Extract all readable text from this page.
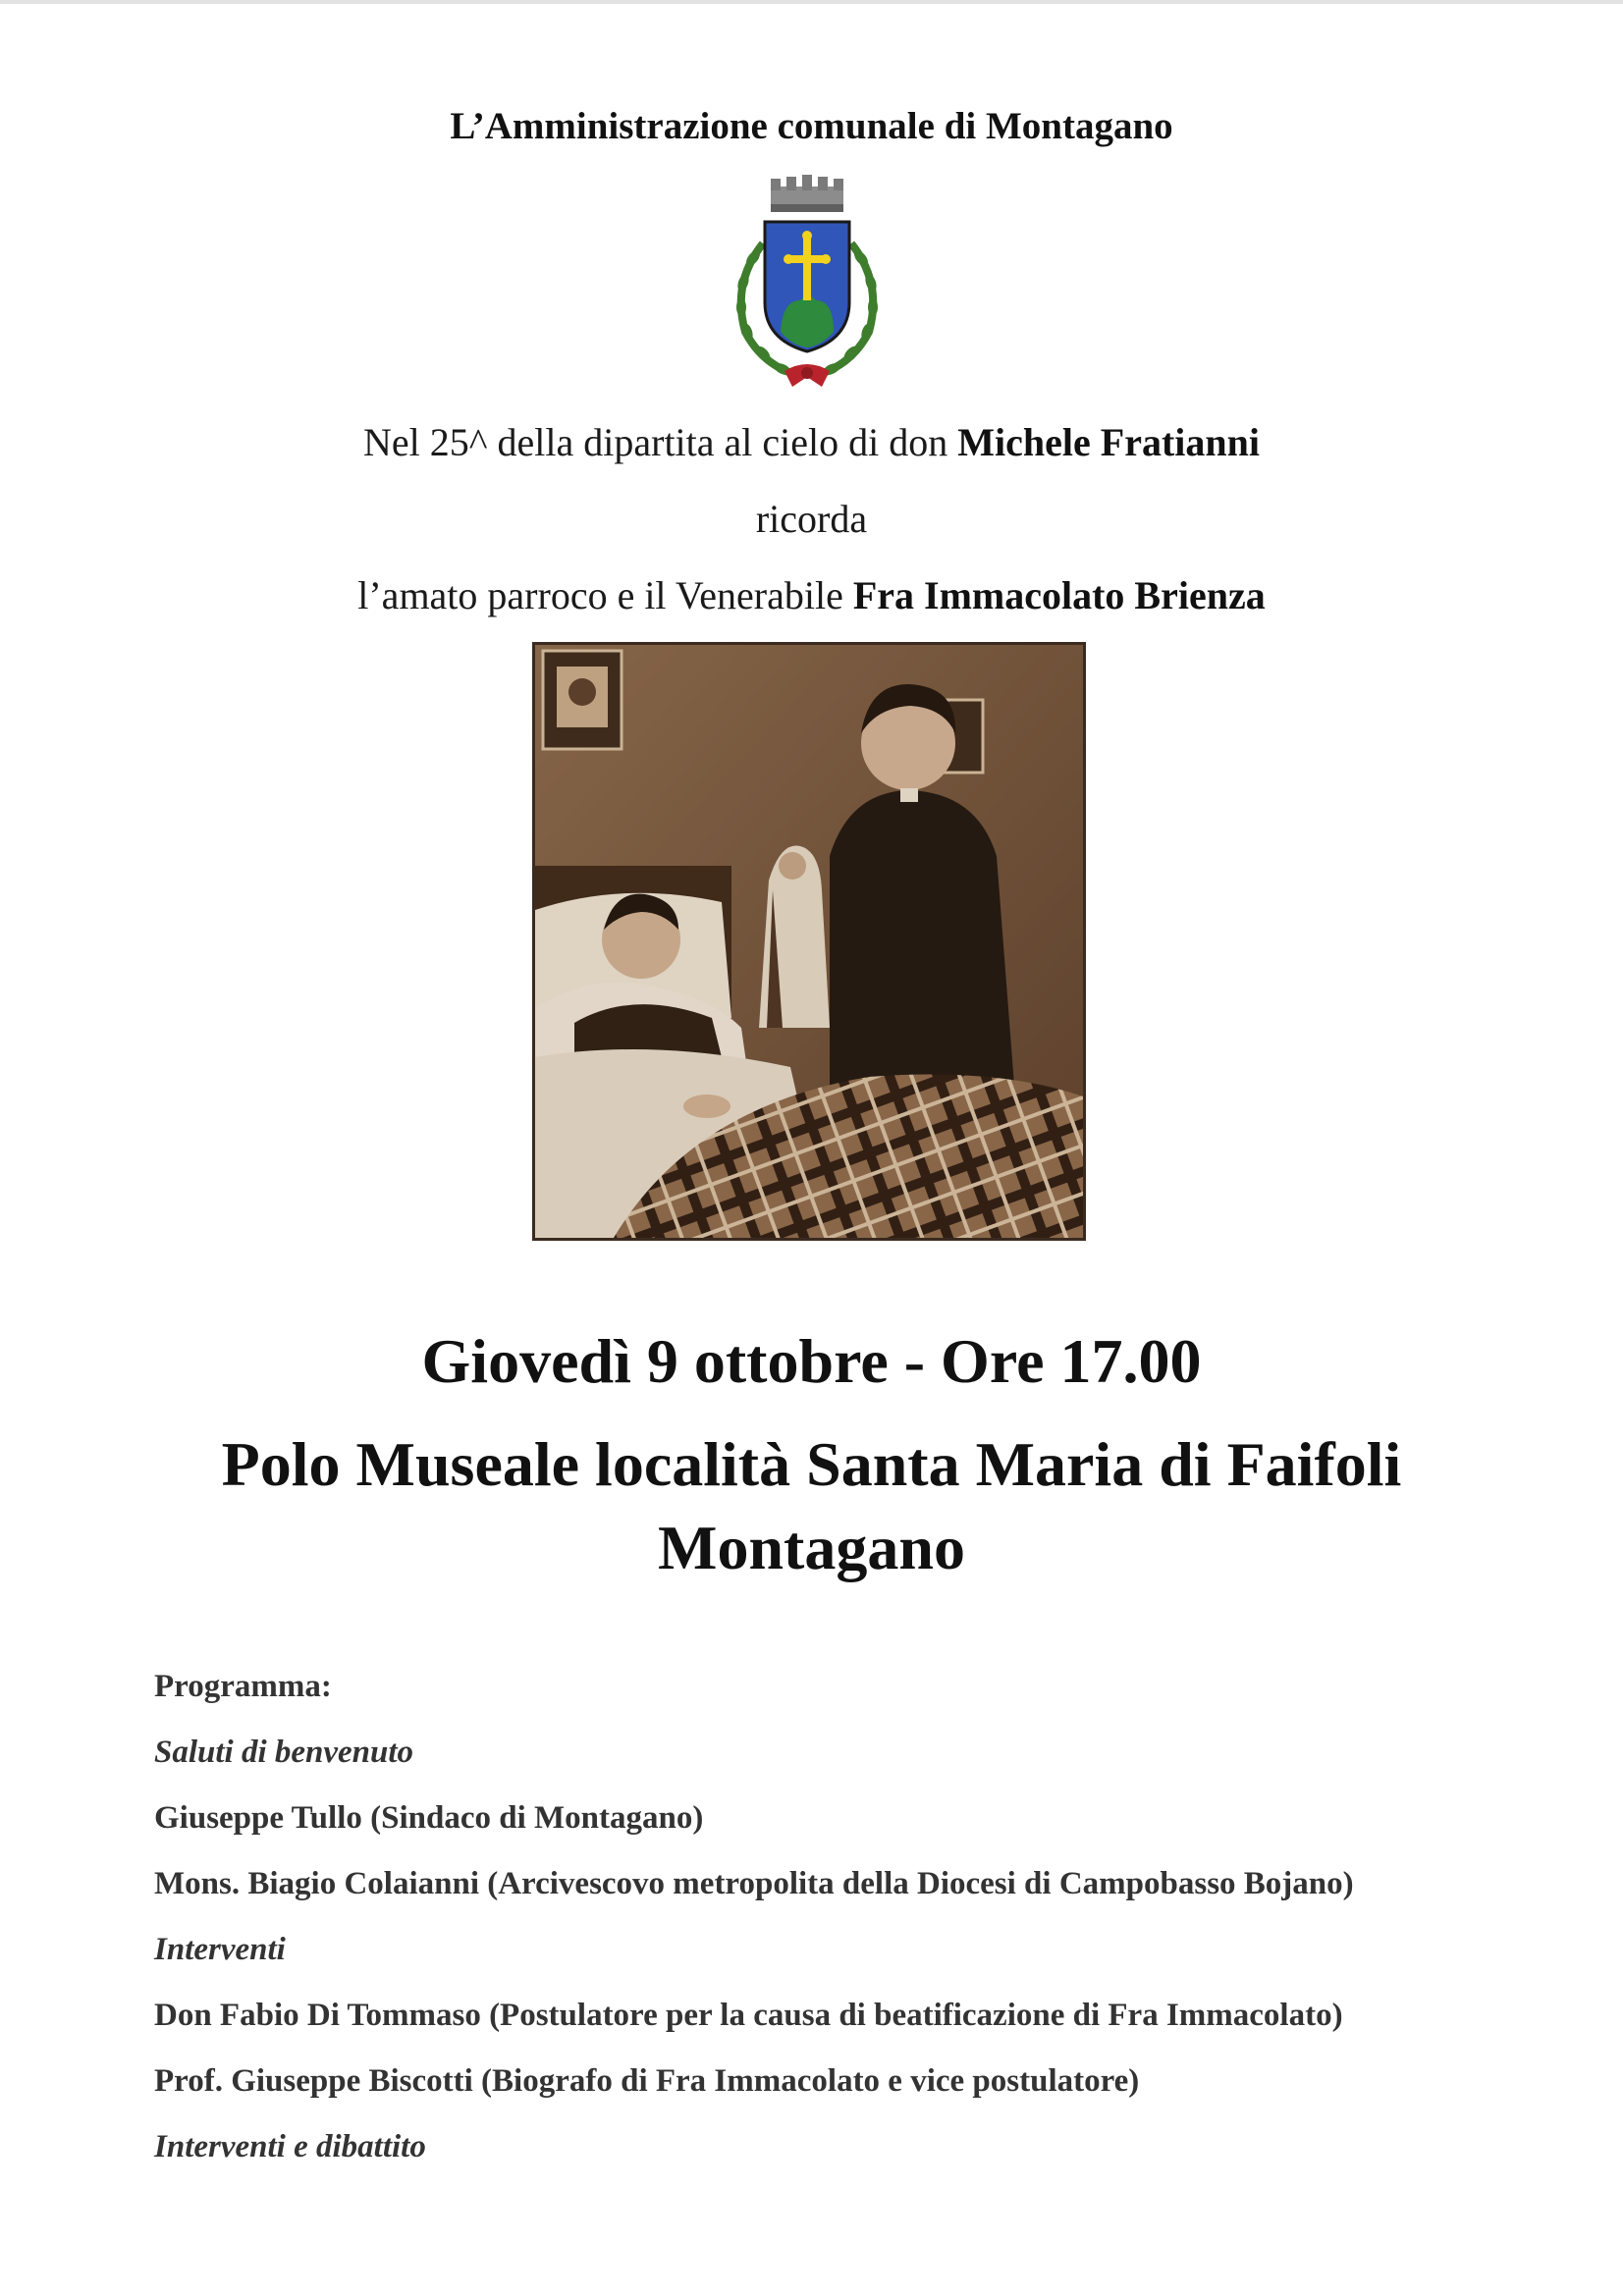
L’Amministrazione comunale di Montagano
Nel 25^ della dipartita al cielo di don Michele Fratianni
ricorda
l’amato parroco e il Venerabile Fra Immacolato Brienza
Giovedì 9 ottobre - Ore 17.00
Polo Museale località Santa Maria di Faifoli
Montagano
Programma:
Saluti di benvenuto
Giuseppe Tullo (Sindaco di Montagano)
Mons. Biagio Colaianni (Arcivescovo metropolita della Diocesi di Campobasso Bojano)
Interventi
Don Fabio Di Tommaso (Postulatore per la causa di beatificazione di Fra Immacolato)
Prof. Giuseppe Biscotti (Biografo di Fra Immacolato e vice postulatore)
Interventi e dibattito
